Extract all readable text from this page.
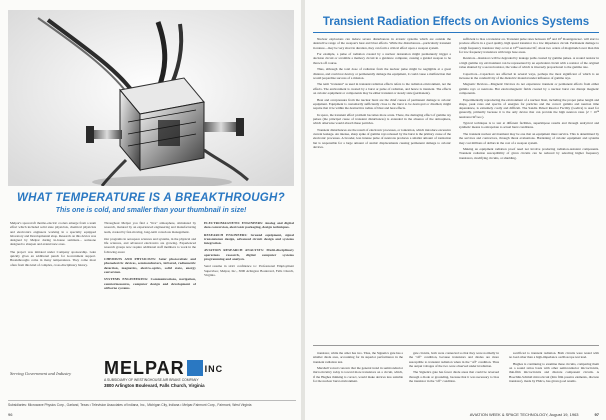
WHAT TEMPERATURE IS A BREAKTHROUGH?
This one is cold, and smaller than your thumbnail in size!

Melpar's spacecraft thermo-electric coolers emerge from a team effort which included solid state physicists, chemical physicists and electronics engineers working in a specialty equipped laboratory and Developmental shop. Research on this device was designed by Melpar during in-house seminars... someone designed to sharpen and extend new ones.

The project was initiated under Company sponsorship. Gain quickly gives an additional punch for Government support. Breakthroughs come in many temperatures. They come most often from this kind of complex, cross-disciplinary history.

Throughout Melpar you find a "live" atmosphere, stimulated by research, matured by an experienced engineering and manufacturing team, created by fast-moving, long-term conscious management.

Our programs in aerospace sciences and systems, in the physical and life sciences, and advanced electronics are growing. Experienced research groups now require additional staff members to work in the following areas:

CHEMISTS AND PHYSICISTS: Solar photovoltaic and photoelectric devices, semiconductors, infrared, radiometric detection, magnetics, electro-optics, solid state, energy conversion.

SYSTEMS ENGINEERING: Communications, navigation, countermeasures, computer design and development of airborne systems.

ELECTROMAGNETIC ENGINEERS: Analog and digital data conversion, electronic packaging, design techniques.

RESEARCH ENGINEERS: Ground equipment, signal transmission design, advanced circuit design and systems integration.

AVIATION RESEARCH ANALYSTS: Multi-disciplinary operations research, digital computer systems programming and analysis.

Send resume in strict confidence to: Professional Employment Supervisor, Melpar, Inc., 3000 Arlington Boulevard, Falls Church, Virginia.

Serving Government and Industry MELPAR INC
A SUBSIDIARY OF WESTINGHOUSE AIR BRAKE COMPANY
3800 Arlington Boulevard, Falls Church, Virginia
Subsidiaries: Microwave Physics Corp., Garland, Texas • Television Associates of Indiana, Inc., Michigan City, Indiana • Melpar-Fairmont Corp., Fairmont, West Virginia
96
Transient Radiation Effects on Avionics Systems

Nuclear explosions can induce severe disturbances in avionic systems which are outside the destructive range of the weapon's heat and blast effects. While the disturbances—particularly transient in nature—may be very short in duration, they can form a critical effect upon a weapon system.

For example, a pulse of radiation created by a nuclear detonation might prematurely trigger a decision circuit or scramble a memory circuit in a guidance computer, causing a guided weapon to be thrown off course.

Thus, although the total dose of radiation from the nuclear pulse might be negligible at a great distance, and could not destroy or permanently damage the equipment, it could cause a malfunction that would jeopardize success of a mission.

The term "transient" as used in transient radiation effects refers to the radiation environment, not the effects. The environment is created by a burst or pulse of radiation, and hence is transient. The effects on avionic equipment or components may be either transient or steady state (permanent).

Heat and overpressure from the nuclear burst are the chief causes of permanent damage to avionic equipment. Equipment is customarily sufficiently close to the burst to be destroyed or disabled, might require that it be within the destructive radius of blast and heat effects.

In space, the transient effect problem becomes more acute. There, the damaging effect of gamma ray pulses (the principal cause of transient disturbances) is extended in the absence of the atmosphere, which otherwise would absorb these particles.

Transient disturbances are the result of electronic processes, or ionization, which introduce excessive current leakage. An intense, sharp spike of gamma rays released by the burst is the primary cause of the electronic processes. A broader, less intense pulse of neutrons produces a smaller amount of ionization but is responsible for a large amount of atomic displacements causing permanent damage to avionic devices.

sufficient to bias a transistor on. Transient pulse rates between 10⁸ and 10⁹ Roentgens/sec. will start to produce effects in a good quality, high speed transistor in a low impedance circuit. Permanent damage to a high frequency transistor may occur at 10¹⁴ neutrons/cm², about two orders of magnitude lower than this for low frequency transistors with large base areas.

Resistors—Resistors will be degraded by leakage paths created by gamma pulses. A wound resistor in a high gamma ray environment can be represented by an equivalent circuit with a resistor of the original value shunted by a second resistor, the value of which is inversely proportional to the gamma rate.

Capacitors—Capacitors are affected in several ways, perhaps the most significant of which is an increase in the conductivity of the dielectric material under influence of gamma rays.

Magnetic Devices—Magnetic Devices do not experience transient or permanent effects from either gamma rays or neutrons. But electromagnetic fields created by a nuclear burst can disrupt magnetic components.

Experimentally reproducing the environment of a nuclear blast, including the proper pulse length and shape, peak rates and spectra of energies for particles and the correct gamma and neutron time dependence, is extremely costly and difficult. The Sandia Pulsed Reactor Facility (Godiva) is used for generally, primarily because it is the only device that can provide the high neutron rates (2 × 10¹⁴ neutrons/cm²/sec.).

Typical technique is to test at different facilities, superimpose results and through analytical and synthetic means to extrapolate to actual burst conditions.

The transient nuclear environment may be one that an equipment must survive. This is determined by the services and contractors, through threat evaluations. Hardening of avionic equipment and systems may cost millions of dollars in the cost of a weapon system.

Making an equipment radiation proof need not involve producing radiation-resistant components. Transient radiation susceptibility of given circuits can be reduced by selecting higher frequency transistors, modifying circuits, or shielding.

transistor, while the other has two. Thus, the Signetics gate has a smaller diode area, accounting for its superior performance in the transient radiation test.

Marshall voiced concern that the general trend in semiconductor microcircuitry today is toward more transistors on a circuit, which, if the Hughes thinking is correct, would make devices less suitable for the nuclear burst environment.

gate circuits, both were connected so that they were normally in the "off" condition, because transistors and diodes are more susceptible to transient radiation when in the "off" condition. Thus the output voltages of the two were observed under irradiation.

The Signetics gate has fewer diode areas that could be reversed through a diode or grounding, because that it was necessary to bias the transistor in the "off" condition.

sacrificed to transient radiation. Both circuits were tested with no load other than a high-impedance oscilloscope test lead.

Hughes is continuing to examine these circuits, comparing them on a sound ratios basis with other semiconductor microcircuits, thin-film microcircuits and discrete component circuits. A Hoechlin-Schmid microcircuit (thin film passive elements, discrete transistor), made by Philco, has given good results.

AVIATION WEEK & SPACE TECHNOLOGY, August 19, 1963	97
